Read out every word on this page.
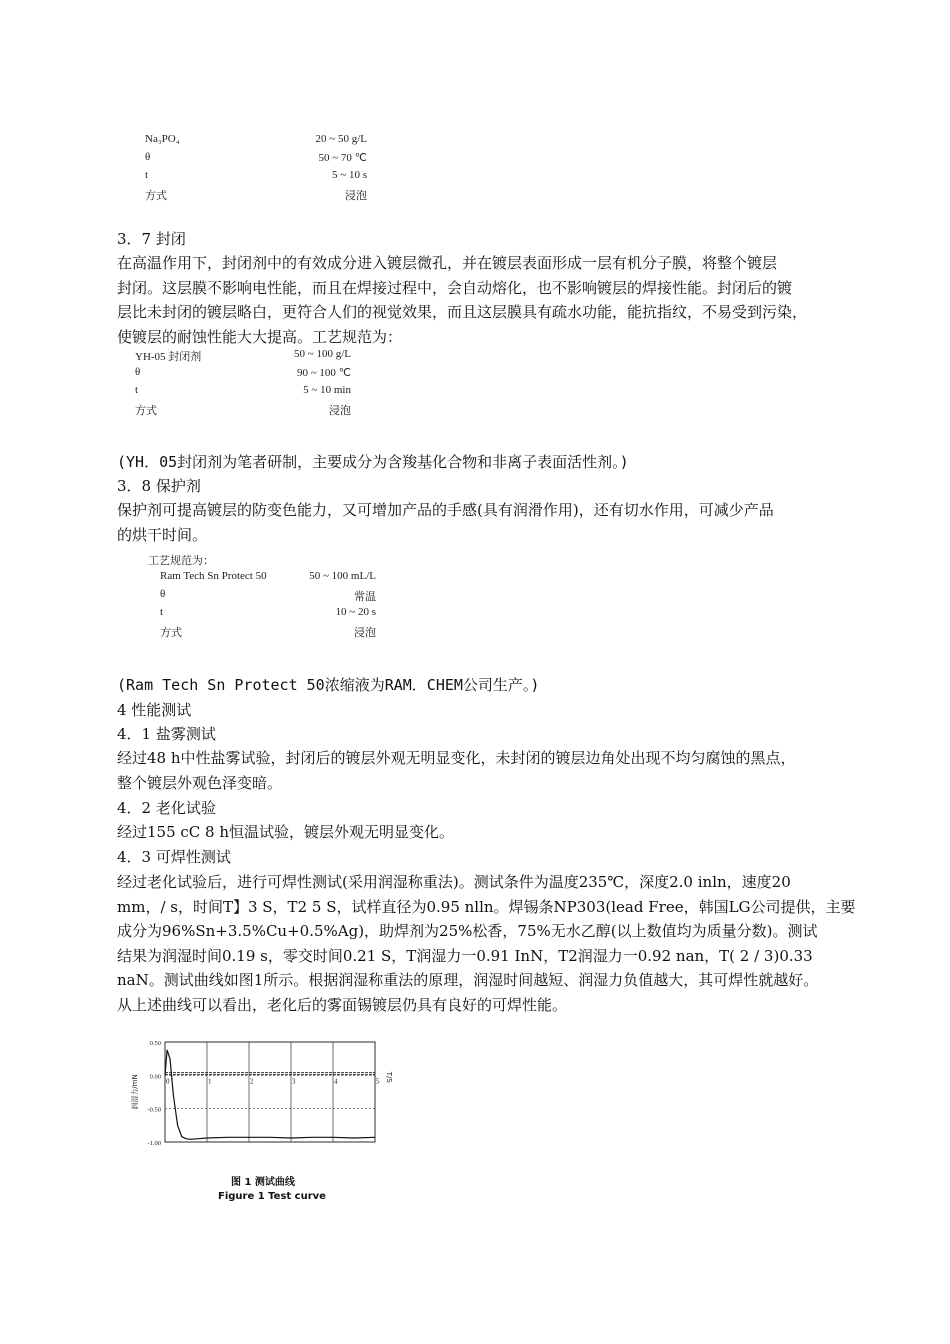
Na₃PO₄	20 ~ 50 g/L
θ	50 ~ 70 ℃
t	5 ~ 10 s
方式	浸泡
3．7 封闭
在高温作用下，封闭剂中的有效成分进入镀层微孔，并在镀层表面形成一层有机分子膜，将整个镀层
封闭。这层膜不影响电性能，而且在焊接过程中，会自动熔化，也不影响镀层的焊接性能。封闭后的镀
层比未封闭的镀层略白，更符合人们的视觉效果，而且这层膜具有疏水功能，能抗指纹，不易受到污染，
使镀层的耐蚀性能大大提高。工艺规范为：
YH-05 封闭剂	50 ~ 100 g/L
θ	90 ~ 100 ℃
t	5 ~ 10 min
方式	浸泡
(YH．05封闭剂为笔者研制，主要成分为含羧基化合物和非离子表面活性剂。)
3．8 保护剂
保护剂可提高镀层的防变色能力，又可增加产品的手感(具有润滑作用)，还有切水作用，可减少产品
的烘干时间。
工艺规范为：
Ram Tech Sn Protect 50	50 ~ 100 mL/L
θ	常温
t	10 ~ 20 s
方式	浸泡
(Ram Tech Sn Protect 50浓缩液为RAM．CHEM公司生产。)
4 性能测试
4．1 盐雾测试
经过48 h中性盐雾试验，封闭后的镀层外观无明显变化，未封闭的镀层边角处出现不均匀腐蚀的黑点，
整个镀层外观色泽变暗。
4．2 老化试验
经过155 cC 8 h恒温试验，镀层外观无明显变化。
4．3 可焊性测试
经过老化试验后，进行可焊性测试(采用润湿称重法)。测试条件为温度235℃，深度2.0 inln，速度20
mm，/ s，时间T】3 S，T2 5 S，试样直径为0.95 nlln。焊锡条NP303(lead Free，韩国LG公司提供，主要
成分为96%Sn+3.5%Cu+0.5%Ag)，助焊剂为25%松香，75%无水乙醇(以上数值均为质量分数)。测试
结果为润湿时间0.19 s，零交时间0.21 S，T润湿力一0.91 InN，T2润湿力一0.92 nan，T( 2 / 3)0.33
naN。测试曲线如图1所示。根据润湿称重法的原理，润湿时间越短、润湿力负值越大，其可焊性就越好。
从上述曲线可以看出，老化后的雾面锡镀层仍具有良好的可焊性能。
0.50
0.00
-0.50
-1.00
0	1	2	3	4	5
润湿力/mN	T/S
图 1 测试曲线
Figure 1 Test curve
